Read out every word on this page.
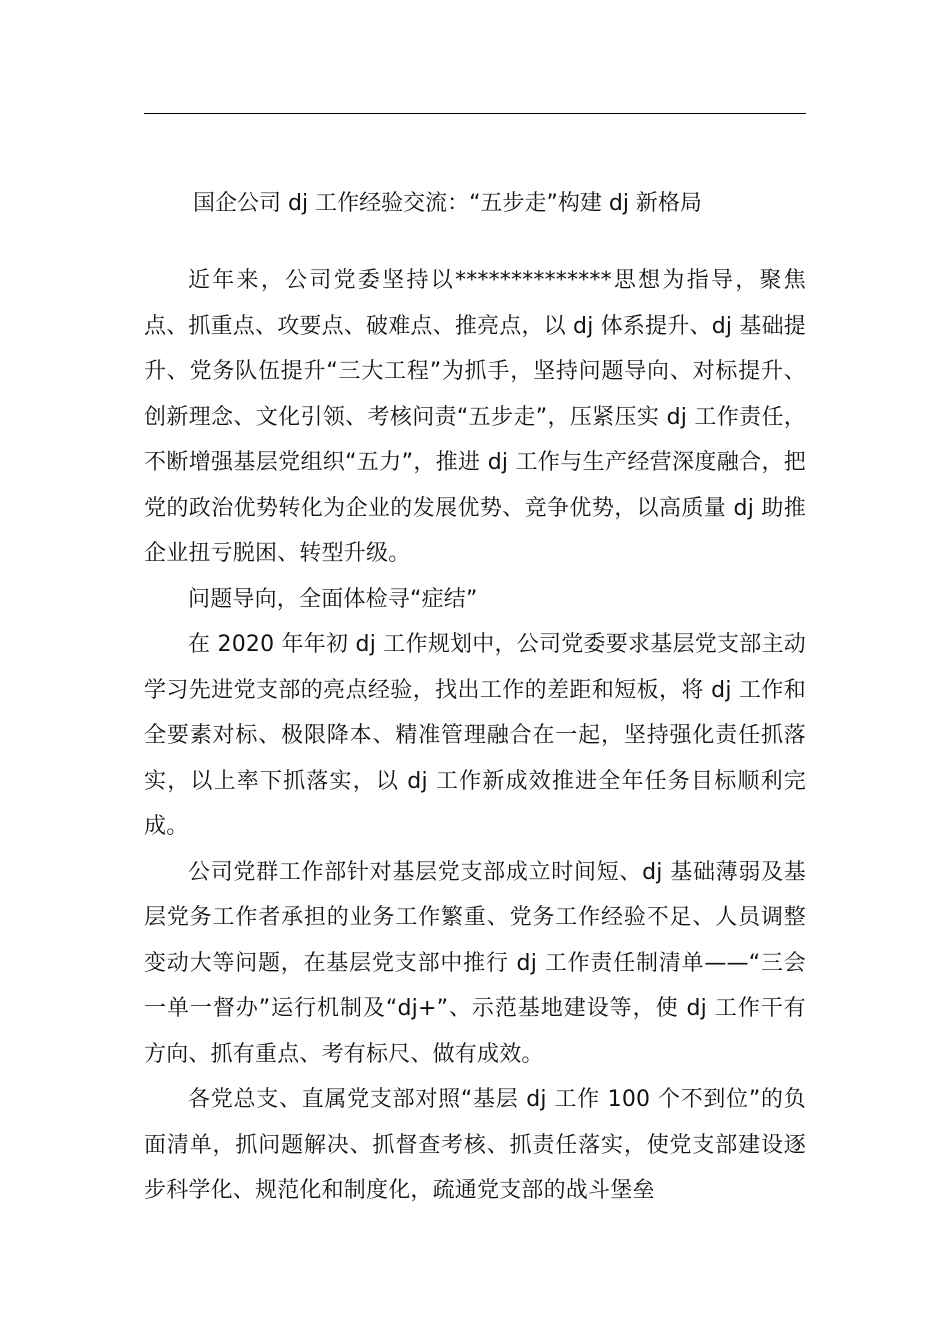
国企公司 dj 工作经验交流：“五步走”构建 dj 新格局

近年来，公司党委坚持以**************思想为指导，聚焦点、抓重点、攻要点、破难点、推亮点，以 dj 体系提升、dj 基础提升、党务队伍提升“三大工程”为抓手，坚持问题导向、对标提升、创新理念、文化引领、考核问责“五步走”，压紧压实 dj 工作责任，不断增强基层党组织“五力”，推进 dj 工作与生产经营深度融合，把党的政治优势转化为企业的发展优势、竞争优势，以高质量 dj 助推企业扭亏脱困、转型升级。

问题导向，全面体检寻“症结”

在 2020 年年初 dj 工作规划中，公司党委要求基层党支部主动学习先进党支部的亮点经验，找出工作的差距和短板，将 dj 工作和全要素对标、极限降本、精准管理融合在一起，坚持强化责任抓落实，以上率下抓落实，以 dj 工作新成效推进全年任务目标顺利完成。

公司党群工作部针对基层党支部成立时间短、dj 基础薄弱及基层党务工作者承担的业务工作繁重、党务工作经验不足、人员调整变动大等问题，在基层党支部中推行 dj 工作责任制清单——“三会一单一督办”运行机制及“dj+”、示范基地建设等，使 dj 工作干有方向、抓有重点、考有标尺、做有成效。

各党总支、直属党支部对照“基层 dj 工作 100 个不到位”的负面清单，抓问题解决、抓督查考核、抓责任落实，使党支部建设逐步科学化、规范化和制度化，疏通党支部的战斗堡垒
